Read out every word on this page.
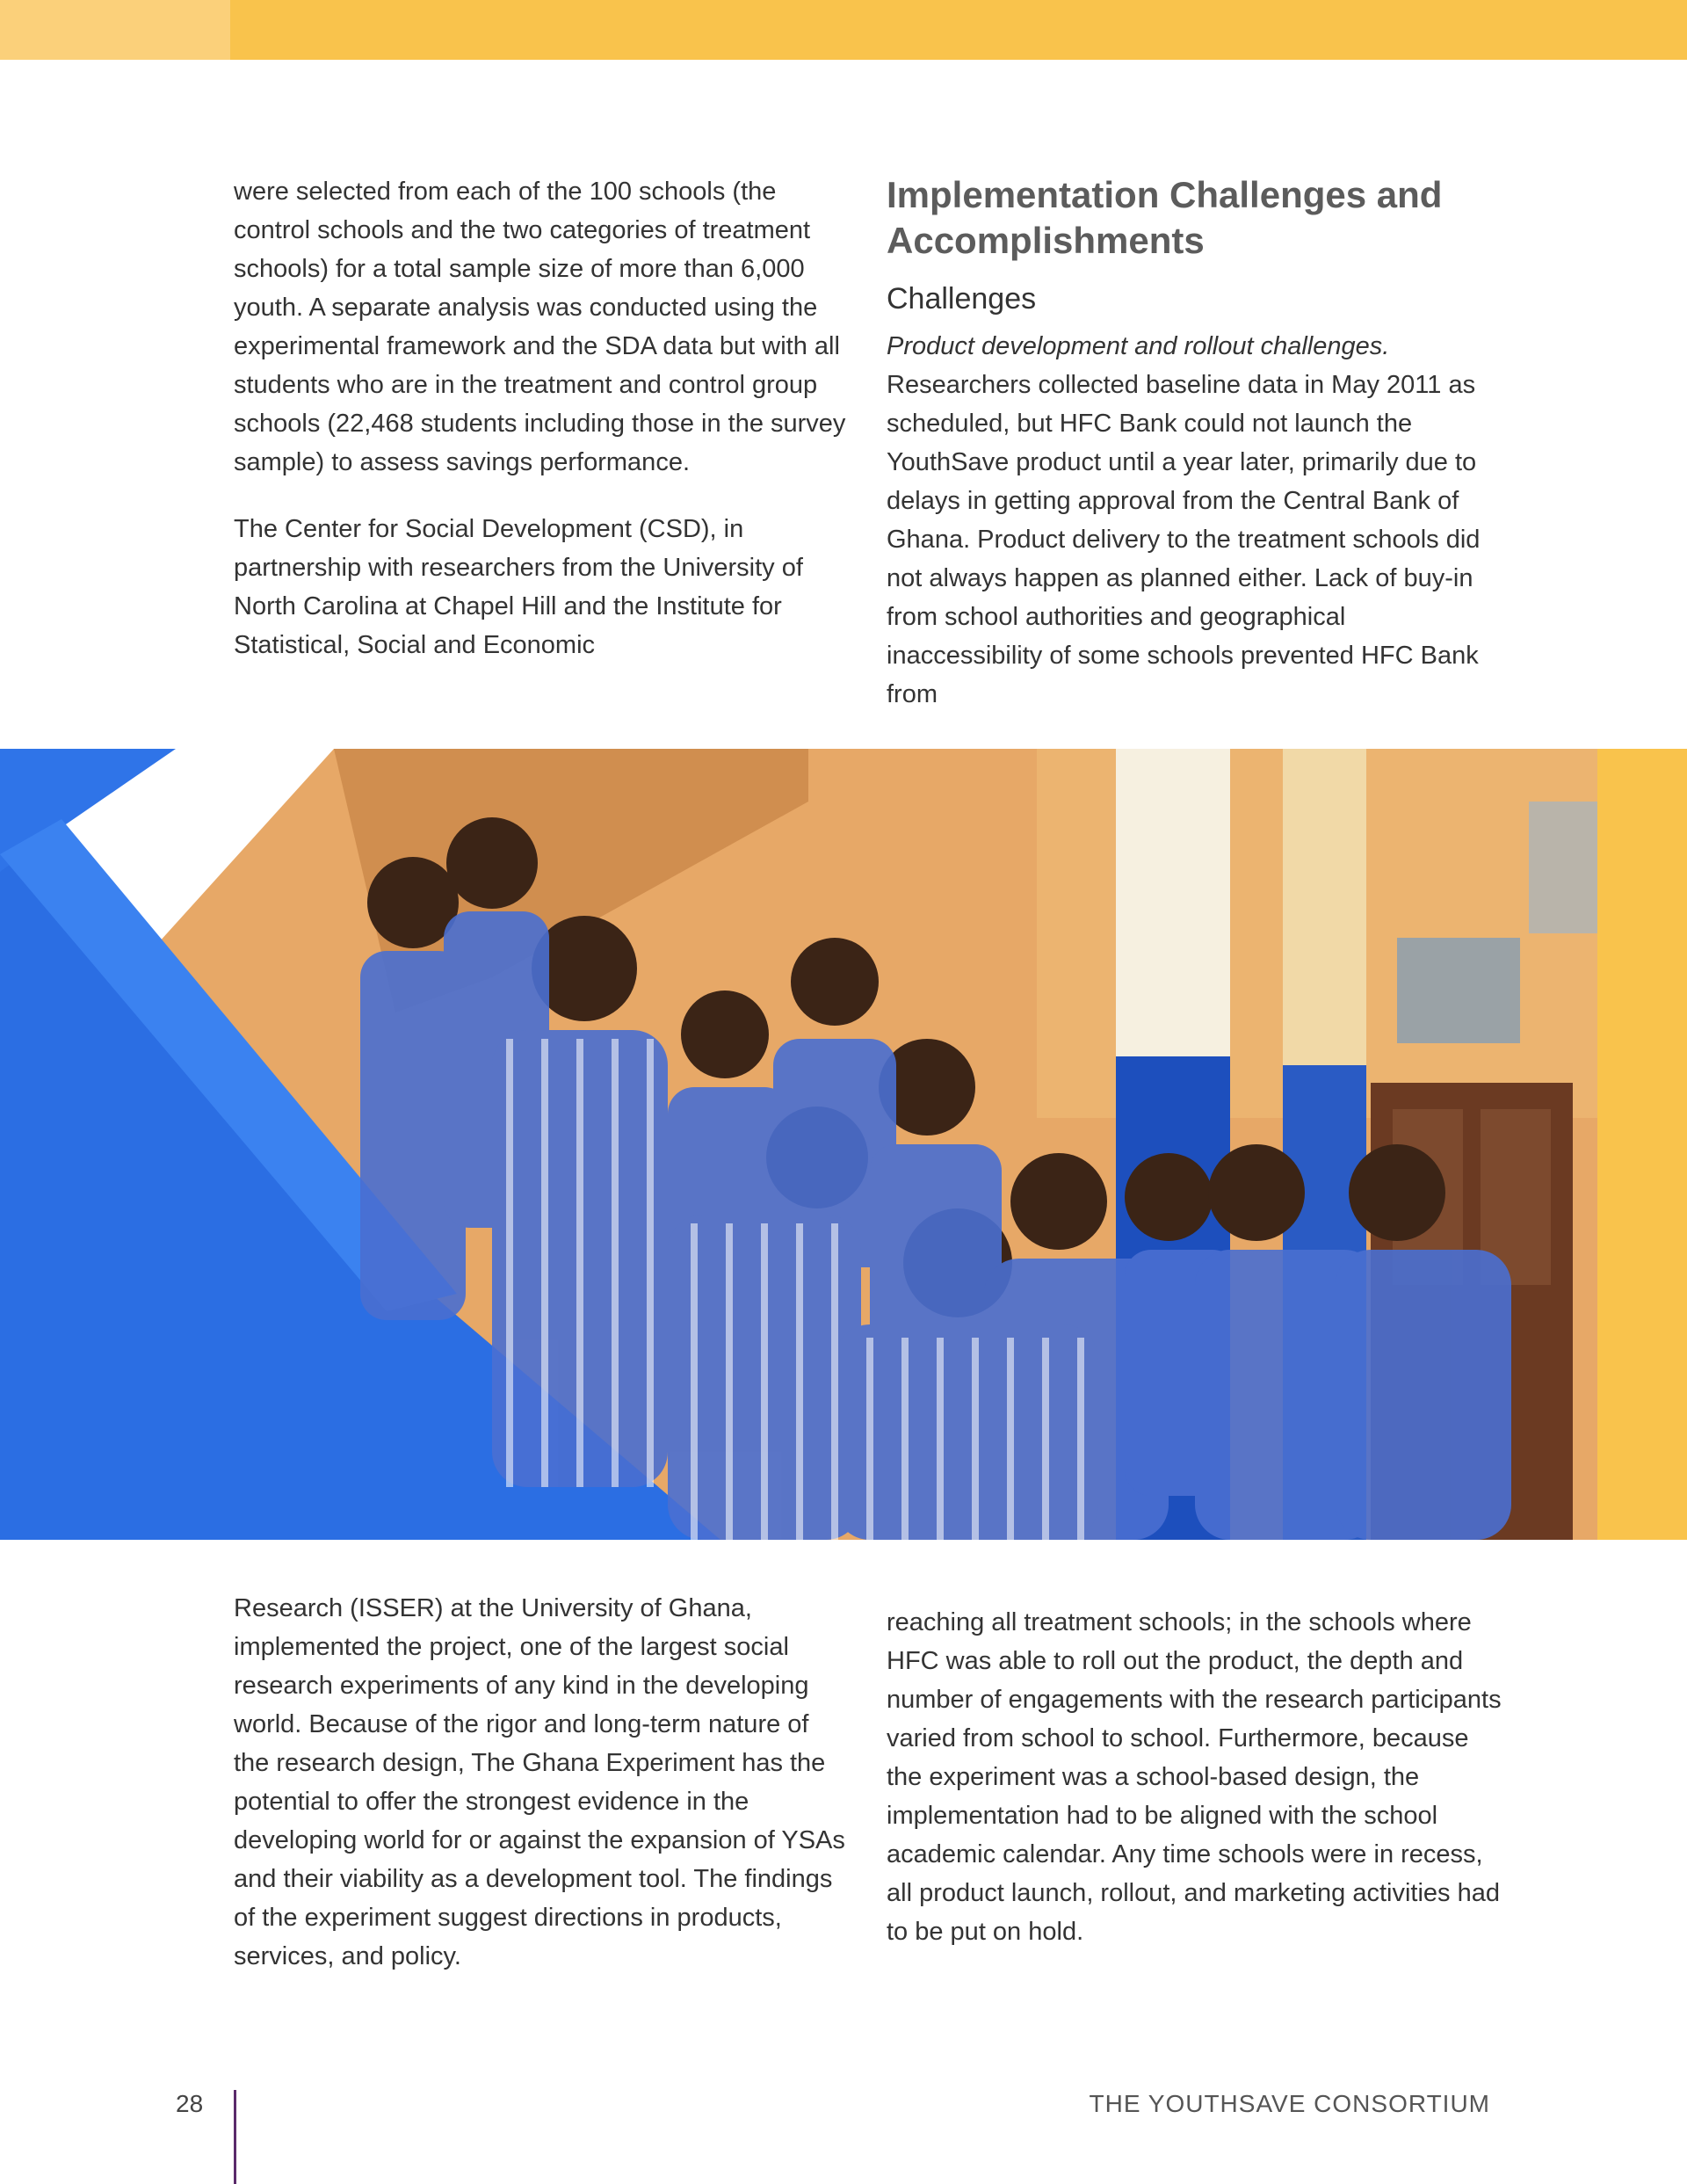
were selected from each of the 100 schools (the control schools and the two categories of treatment schools) for a total sample size of more than 6,000 youth. A separate analysis was conducted using the experimental framework and the SDA data but with all students who are in the treatment and control group schools (22,468 students including those in the survey sample) to assess savings performance.

The Center for Social Development (CSD), in partnership with researchers from the University of North Carolina at Chapel Hill and the Institute for Statistical, Social and Economic

Implementation Challenges and Accomplishments
Challenges

Product development and rollout challenges. Researchers collected baseline data in May 2011 as scheduled, but HFC Bank could not launch the YouthSave product until a year later, primarily due to delays in getting approval from the Central Bank of Ghana. Product delivery to the treatment schools did not always happen as planned either. Lack of buy-in from school authorities and geographical inaccessibility of some schools prevented HFC Bank from

Research (ISSER) at the University of Ghana, implemented the project, one of the largest social research experiments of any kind in the developing world. Because of the rigor and long-term nature of the research design, The Ghana Experiment has the potential to offer the strongest evidence in the developing world for or against the expansion of YSAs and their viability as a development tool. The findings of the experiment suggest directions in products, services, and policy.

reaching all treatment schools; in the schools where HFC was able to roll out the product, the depth and number of engagements with the research participants varied from school to school. Furthermore, because the experiment was a school-based design, the implementation had to be aligned with the school academic calendar. Any time schools were in recess, all product launch, rollout, and marketing activities had to be put on hold.

28	THE YOUTHSAVE CONSORTIUM
